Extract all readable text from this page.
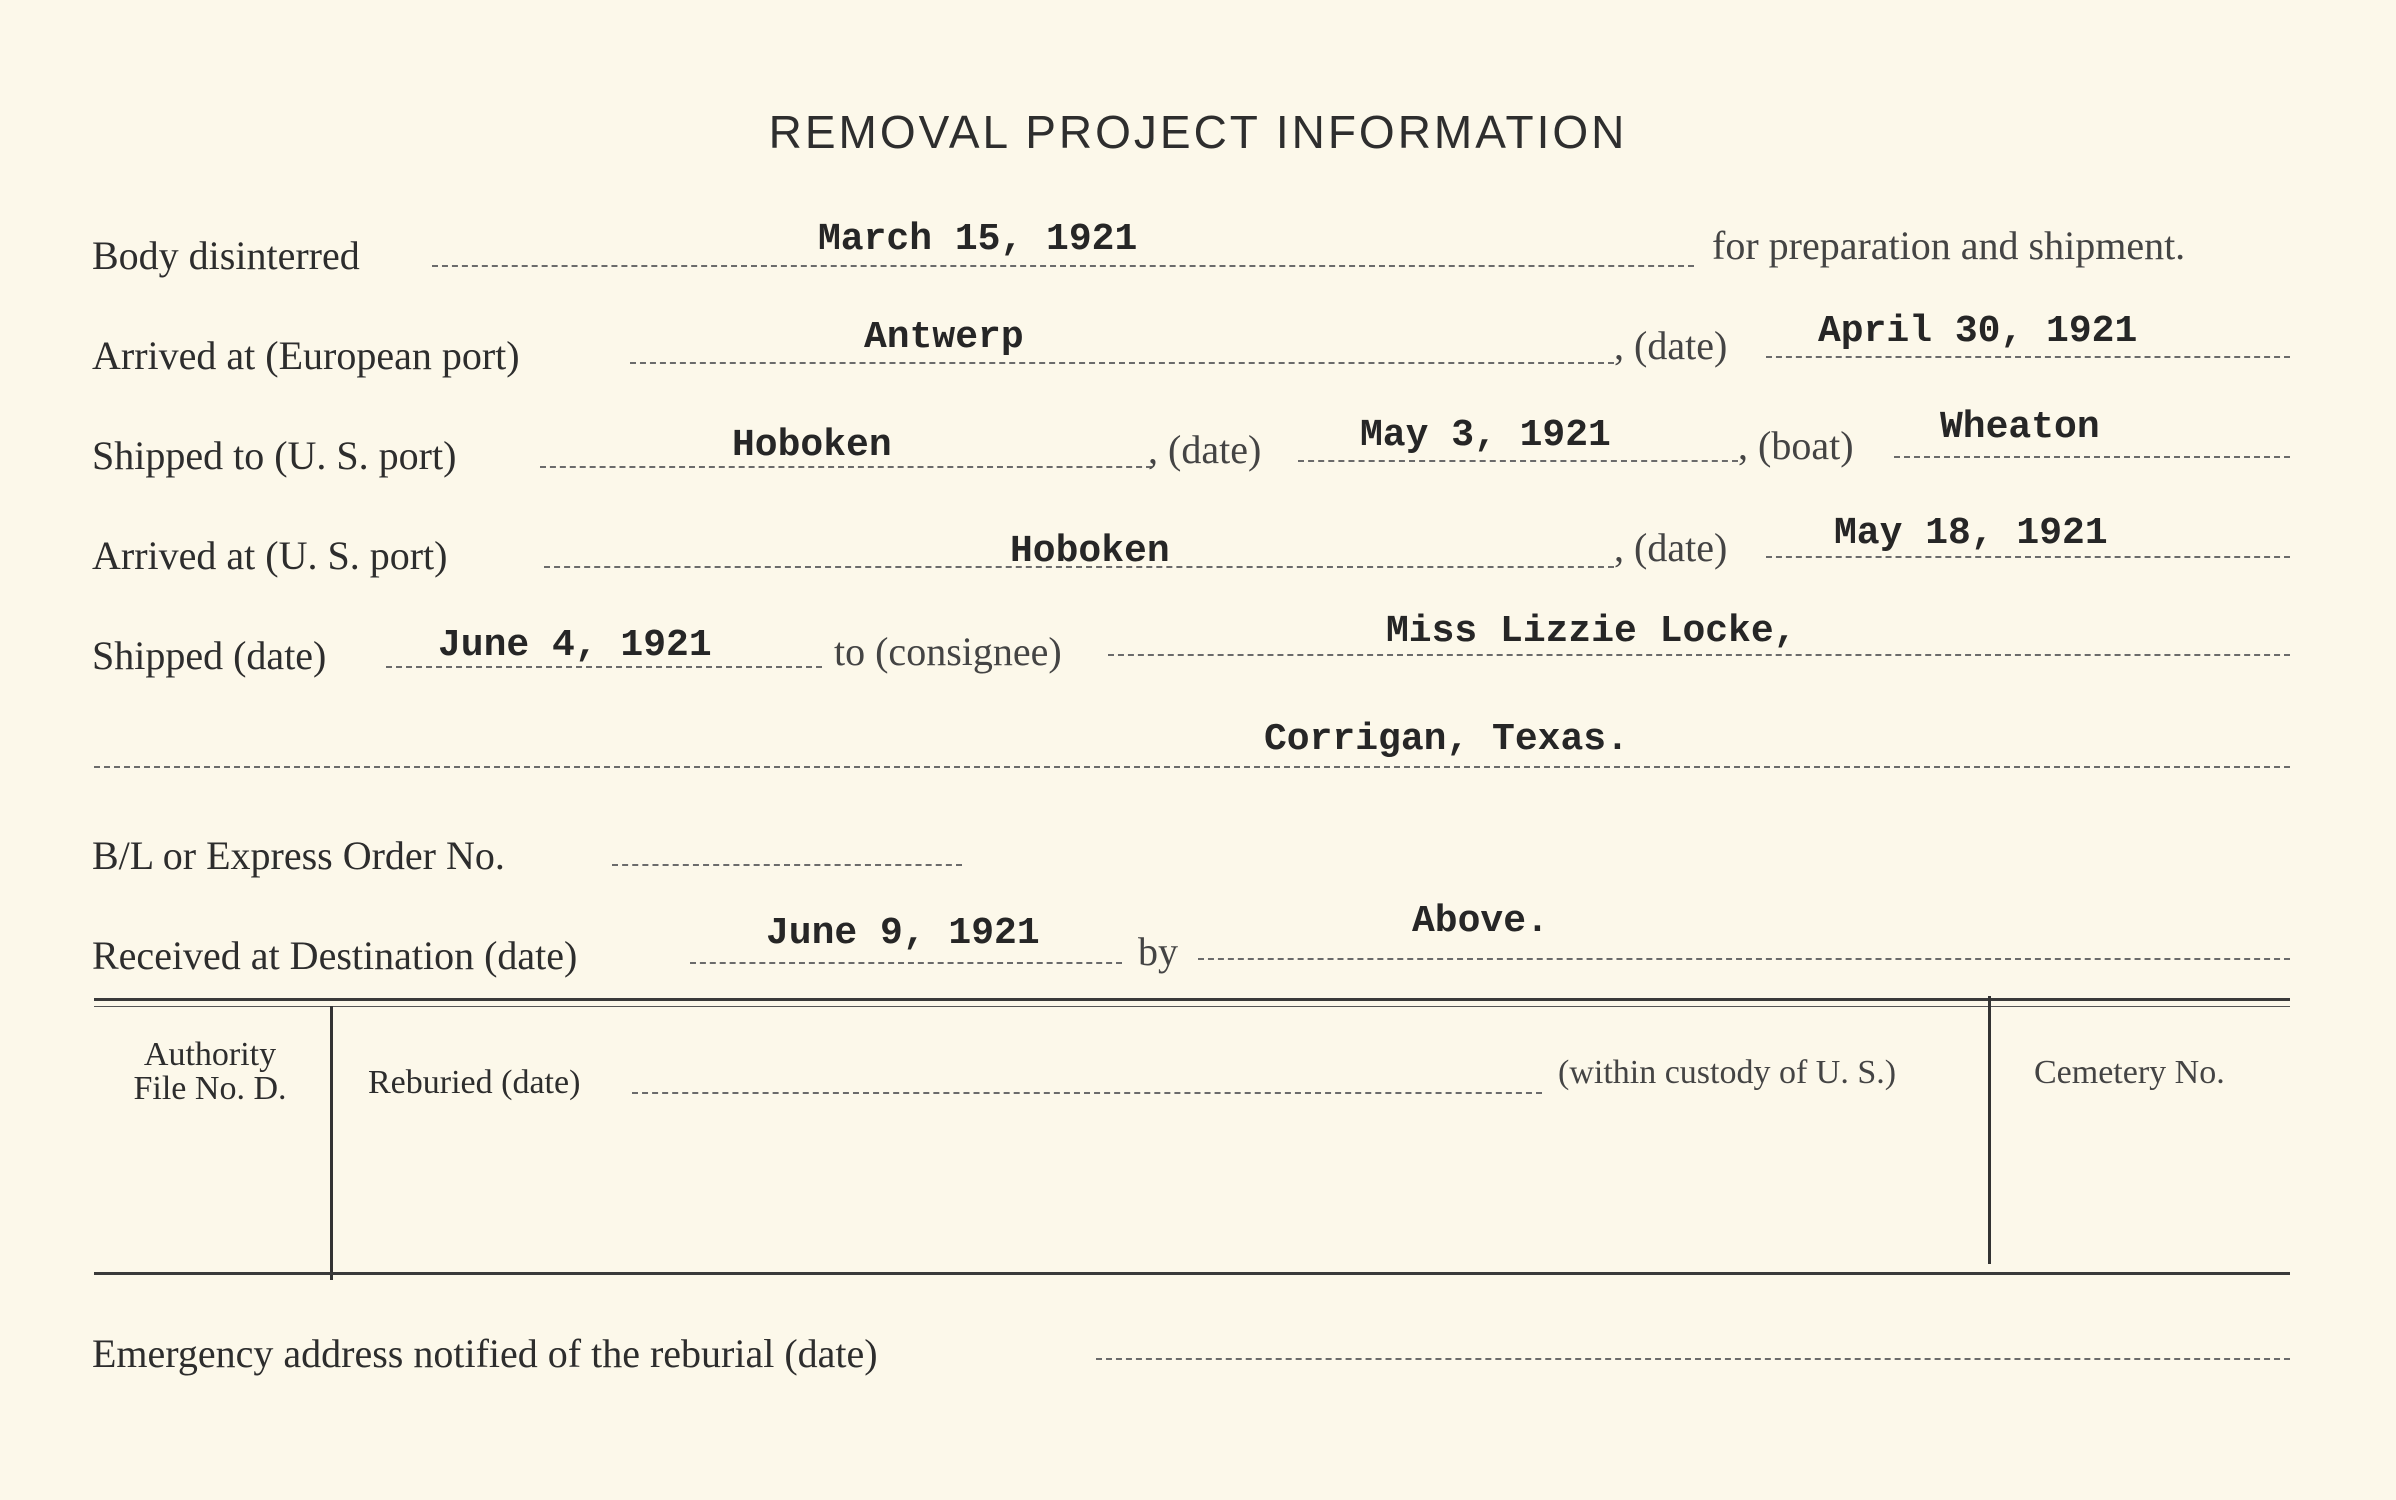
REMOVAL PROJECT INFORMATION
Body disinterred	March 15, 1921	for preparation and shipment.
Arrived at (European port)	Antwerp	, (date) April 30, 1921
Shipped to (U. S. port)	Hoboken	, (date)	May 3, 1921	, (boat) Wheaton
Arrived at (U. S. port)	Hoboken	, (date)	May 18, 1921
Shipped (date)	June 4, 1921	to (consignee)	Miss Lizzie Locke,
Corrigan, Texas.
B/L or Express Order No.
Received at Destination (date)	June 9, 1921 by
Above.
Authority
File No. D.	Reburied (date)	(within custody of U. S.)	Cemetery No.
Emergency address notified of the reburial (date)
